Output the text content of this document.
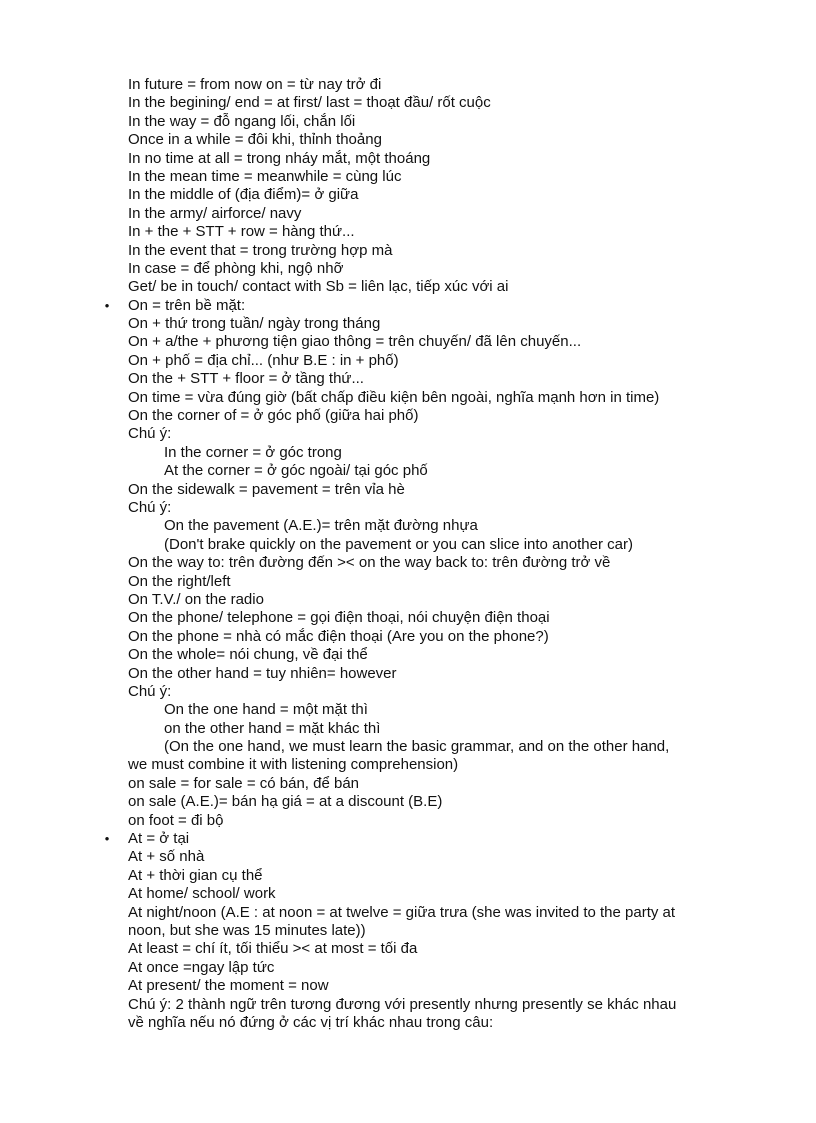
In future = from now on = từ nay trở đi
In the begining/ end = at first/ last = thoạt đầu/ rốt cuộc
In the way = đỗ ngang lối, chắn lối
Once in a while = đôi khi, thỉnh thoảng
In no time at all = trong nháy mắt, một thoáng
In the mean time = meanwhile = cùng lúc
In the middle of (địa điểm)= ở giữa
In the army/ airforce/ navy
In + the + STT + row = hàng thứ...
In the event that = trong trường hợp mà
In case = để phòng khi, ngộ nhỡ
Get/ be in touch/ contact with Sb = liên lạc, tiếp xúc với ai
• On = trên bề mặt:
On + thứ trong tuần/ ngày trong tháng
On + a/the + phương tiện giao thông = trên chuyến/ đã lên chuyến...
On + phố = địa chỉ... (như B.E : in + phố)
On the + STT + floor = ở tầng thứ...
On time = vừa đúng giờ (bất chấp điều kiện bên ngoài, nghĩa mạnh hơn in time)
On the corner of = ở góc phố (giữa hai phố)
Chú ý:
In the corner = ở góc trong
At the corner = ở góc ngoài/ tại góc phố
On the sidewalk = pavement = trên vỉa hè
Chú ý:
On the pavement (A.E.)= trên mặt đường nhựa
(Don't brake quickly on the pavement or you can slice into another car)
On the way to: trên đường đến >< on the way back to: trên đường trở về
On the right/left
On T.V./ on the radio
On the phone/ telephone = gọi điện thoại, nói chuyện điện thoại
On the phone = nhà có mắc điện thoại (Are you on the phone?)
On the whole= nói chung, về đại thể
On the other hand = tuy nhiên= however
Chú ý:
On the one hand = một mặt thì
on the other hand = mặt khác thì
(On the one hand, we must learn the basic grammar, and on the other hand,
we must combine it with listening comprehension)
on sale = for sale = có bán, để bán
on sale (A.E.)= bán hạ giá = at a discount (B.E)
on foot = đi bộ
• At = ở tại
At + số nhà
At + thời gian cụ thể
At home/ school/ work
At night/noon (A.E : at noon = at twelve = giữa trưa (she was invited to the party at
noon, but she was 15 minutes late))
At least = chí ít, tối thiểu >< at most = tối đa
At once =ngay lập tức
At present/ the moment = now
Chú ý: 2 thành ngữ trên tương đương với presently nhưng presently se khác nhau
về nghĩa nếu nó đứng ở các vị trí khác nhau trong câu:
